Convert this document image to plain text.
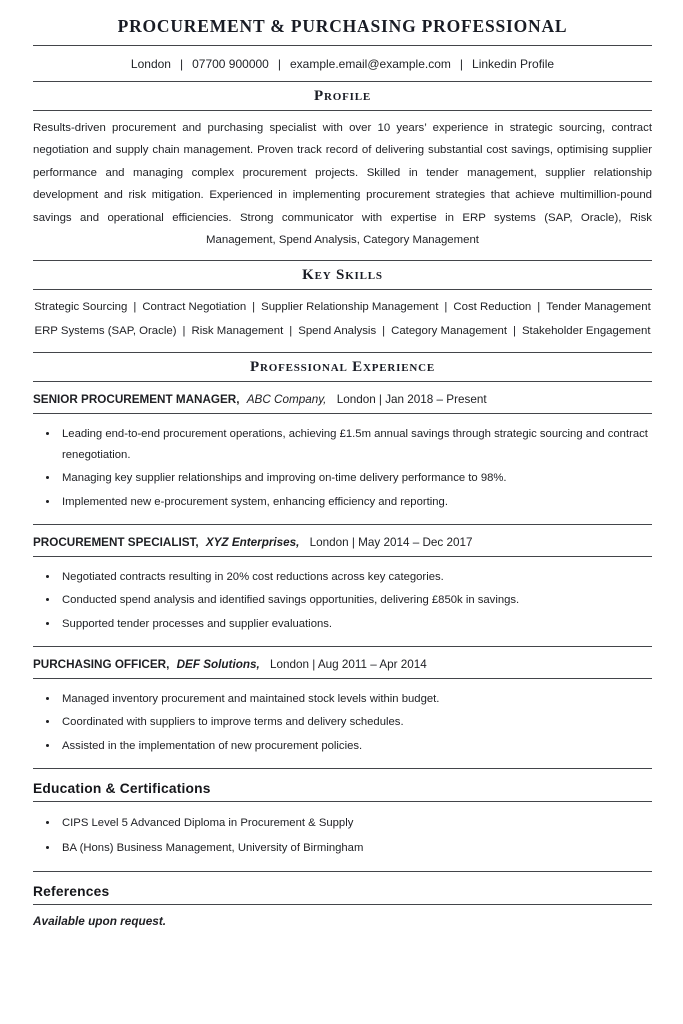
PROCUREMENT & PURCHASING PROFESSIONAL
London | 07700 900000 | example.email@example.com | Linkedin Profile
Profile

Results-driven procurement and purchasing specialist with over 10 years’ experience in strategic sourcing, contract negotiation and supply chain management. Proven track record of delivering substantial cost savings, optimising supplier performance and managing complex procurement projects. Skilled in tender management, supplier relationship development and risk mitigation. Experienced in implementing procurement strategies that achieve multimillion-pound savings and operational efficiencies. Strong communicator with expertise in ERP systems (SAP, Oracle), Risk Management, Spend Analysis, Category Management

Key Skills
Strategic Sourcing | Contract Negotiation | Supplier Relationship Management | Cost Reduction | Tender Management
ERP Systems (SAP, Oracle) | Risk Management | Spend Analysis | Category Management | Stakeholder Engagement
Professional Experience
SENIOR PROCUREMENT MANAGER, ABC Company, London | Jan 2018 – Present
• Leading end-to-end procurement operations, achieving £1.5m annual savings through strategic sourcing and contract renegotiation.
• Managing key supplier relationships and improving on-time delivery performance to 98%.
• Implemented new e-procurement system, enhancing efficiency and reporting.
PROCUREMENT SPECIALIST, XYZ Enterprises, London | May 2014 – Dec 2017
• Negotiated contracts resulting in 20% cost reductions across key categories.
• Conducted spend analysis and identified savings opportunities, delivering £850k in savings.
• Supported tender processes and supplier evaluations.
PURCHASING OFFICER, DEF Solutions, London | Aug 2011 – Apr 2014
• Managed inventory procurement and maintained stock levels within budget.
• Coordinated with suppliers to improve terms and delivery schedules.
• Assisted in the implementation of new procurement policies.
Education & Certifications
• CIPS Level 5 Advanced Diploma in Procurement & Supply
• BA (Hons) Business Management, University of Birmingham
References

Available upon request.
